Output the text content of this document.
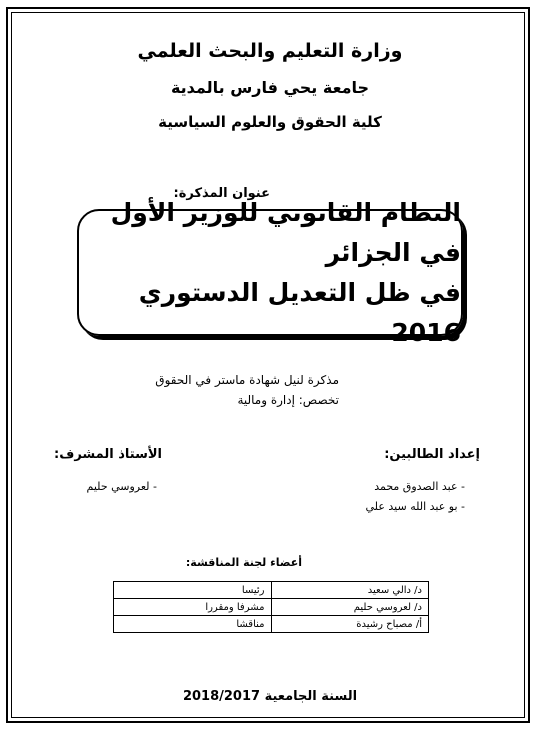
وزارة التعليم والبحث العلمي
جامعة يحي فارس بالمدية
كلية الحقوق والعلوم السياسية
عنوان المذكرة:
النظام القانوني للوزير الأول في الجزائر
في ظل التعديل الدستوري 2016
مذكرة لنيل شهادة ماستر في الحقوق
تخصص: إدارة ومالية
إعداد الطالبين:
الأستاذ المشرف:
- عبد الصدوق محمد
- بو عبد الله سيد علي
- لعروسي حليم
أعضاء لجنة المناقشة:
د/ دالي سعيد	رئيسا
د/ لعروسي حليم	مشرفا ومقررا
أ/ مصباح رشيدة	مناقشا
السنة الجامعية 2018/2017
